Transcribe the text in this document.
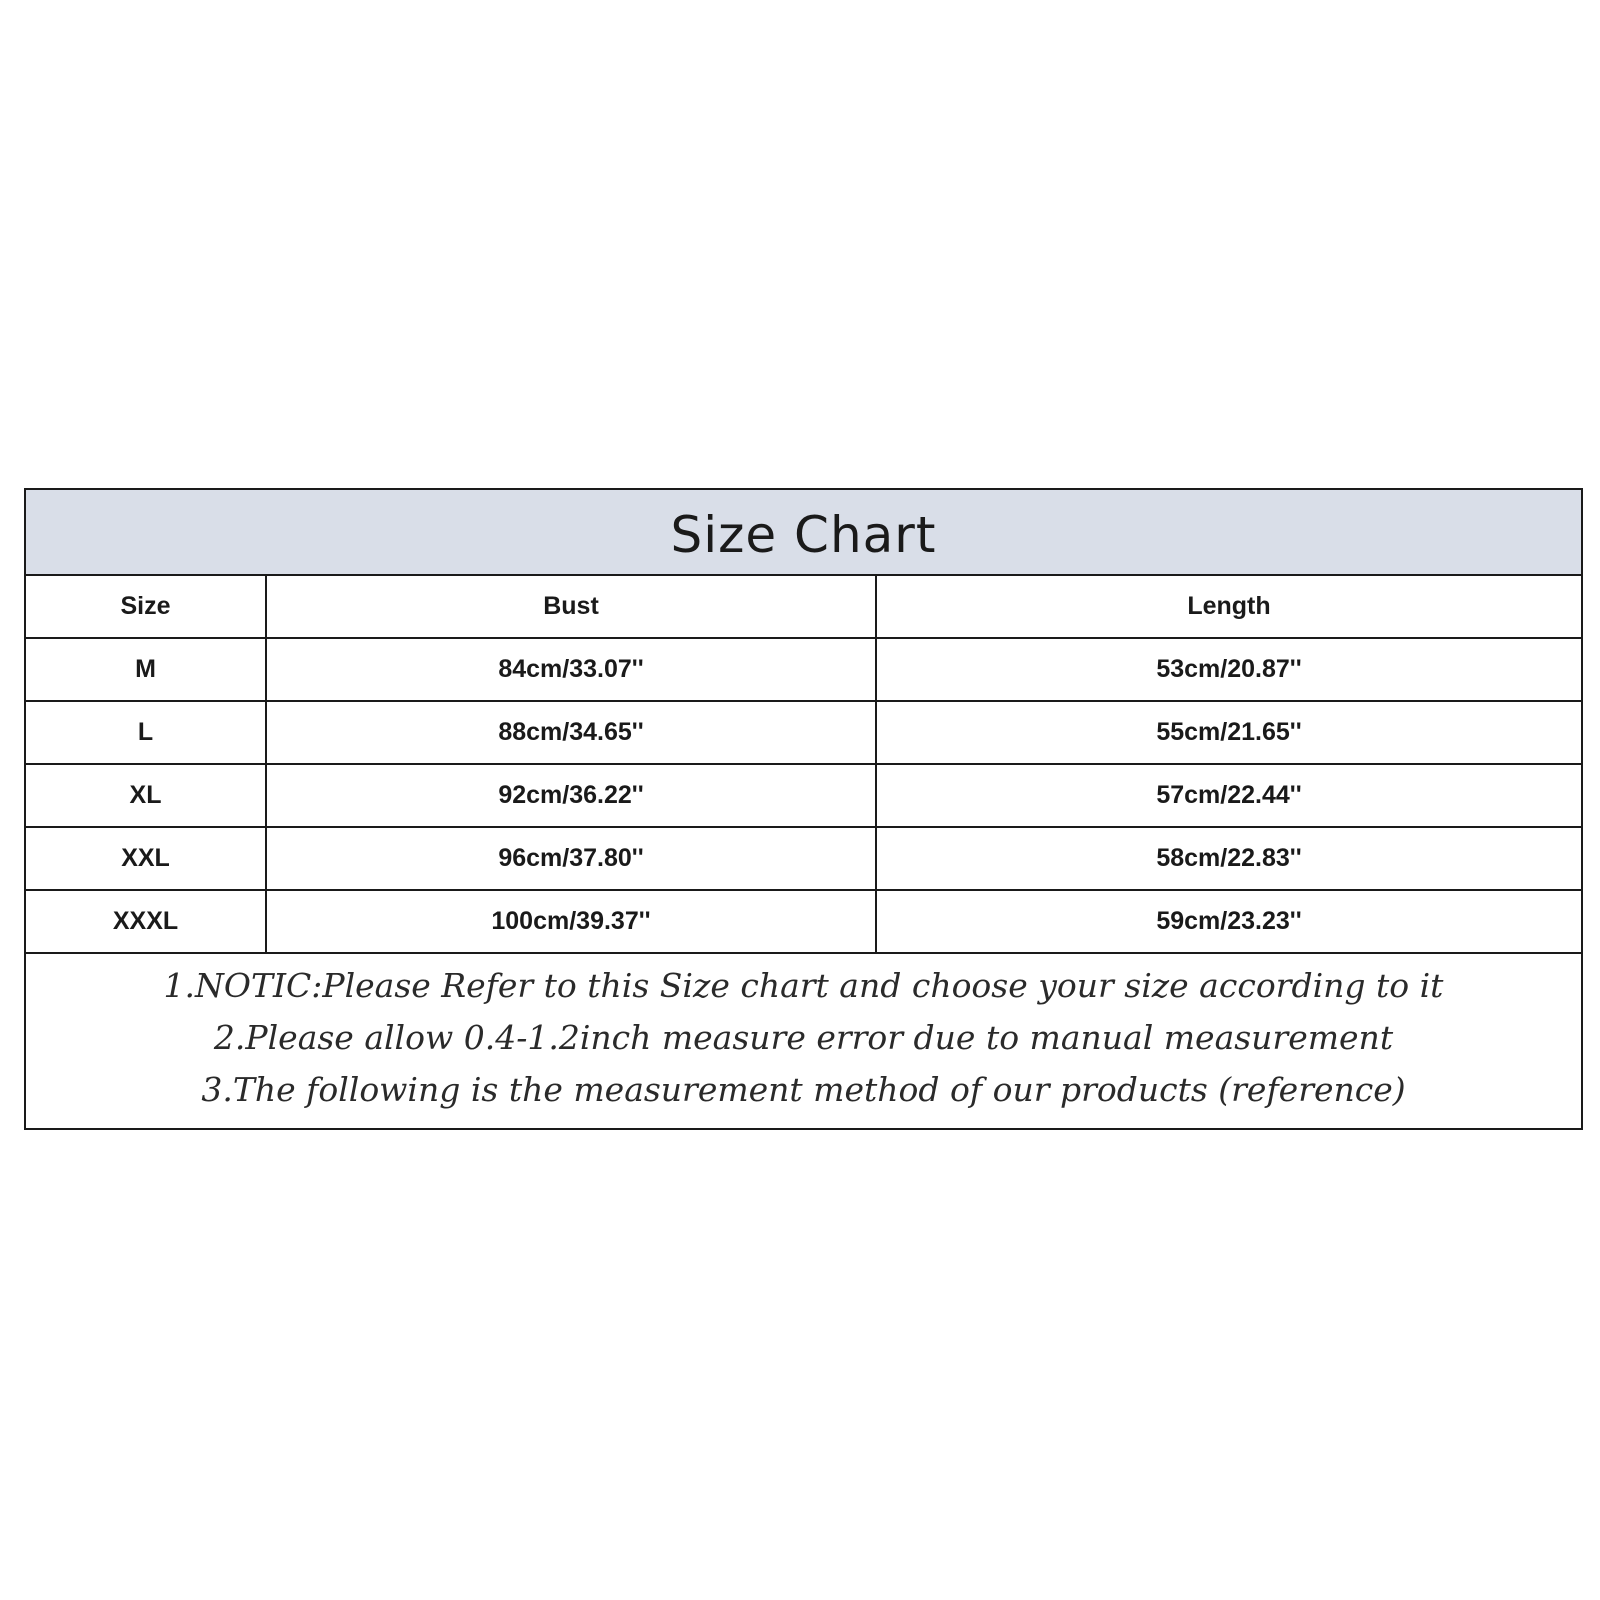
Size Chart
Size	Bust	Length
M	84cm/33.07''	53cm/20.87''
L	88cm/34.65''	55cm/21.65''
XL	92cm/36.22''	57cm/22.44''
XXL	96cm/37.80''	58cm/22.83''
XXXL	100cm/39.37''	59cm/23.23''
1.NOTIC:Please Refer to this Size chart and choose your size according to it
2.Please allow 0.4-1.2inch measure error due to manual measurement
3.The following is the measurement method of our products (reference)
